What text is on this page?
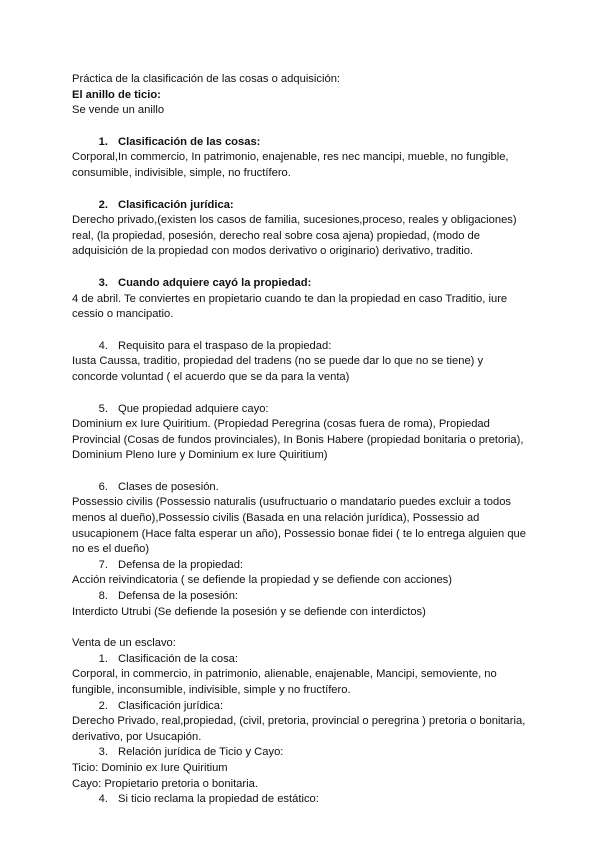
Práctica de la clasificación de las cosas o adquisición:

El anillo de ticio:

Se vende un anillo

1. Clasificación de las cosas:

Corporal,In commercio, In patrimonio, enajenable, res nec mancipi, mueble, no fungible,

consumible, indivisible, simple, no fructífero.

2. Clasificación jurídica:

Derecho privado,(existen los casos de familia, sucesiones,proceso, reales y obligaciones)

real, (la propiedad, posesión, derecho real sobre cosa ajena) propiedad, (modo de

adquisición de la propiedad con modos derivativo o originario) derivativo, traditio.

3. Cuando adquiere cayó la propiedad:

4 de abril. Te conviertes en propietario cuando te dan la propiedad en caso Traditio, iure

cessio o mancipatio.

4. Requisito para el traspaso de la propiedad:

Iusta Caussa, traditio, propiedad del tradens (no se puede dar lo que no se tiene) y

concorde voluntad ( el acuerdo que se da para la venta)

5. Que propiedad adquiere cayo:

Dominium ex Iure Quiritium. (Propiedad Peregrina (cosas fuera de roma), Propiedad

Provincial (Cosas de fundos provinciales), In Bonis Habere (propiedad bonitaria o pretoria),

Dominium Pleno Iure y Dominium ex Iure Quiritium)

6. Clases de posesión.

Possessio civilis (Possessio naturalis (usufructuario o mandatario puedes excluir a todos

menos al dueño),Possessio civilis (Basada en una relación jurídica), Possessio ad

usucapionem (Hace falta esperar un año), Possessio bonae fidei ( te lo entrega alguien que

no es el dueño)

7. Defensa de la propiedad:

Acción reivindicatoria ( se defiende la propiedad y se defiende con acciones)

8. Defensa de la posesión:

Interdicto Utrubi (Se defiende la posesión y se defiende con interdictos)

Venta de un esclavo:

1. Clasificación de la cosa:

Corporal, in commercio, in patrimonio, alienable, enajenable, Mancipi, semoviente, no

fungible, inconsumible, indivisible, simple y no fructífero.

2. Clasificación jurídica:

Derecho Privado, real,propiedad, (civil, pretoria, provincial o peregrina ) pretoria o bonitaria,

derivativo, por Usucapión.

3. Relación jurídica de Ticio y Cayo:

Ticio: Dominio ex Iure Quiritium

Cayo: Propietario pretoria o bonitaria.

4. Si ticio reclama la propiedad de estático:
